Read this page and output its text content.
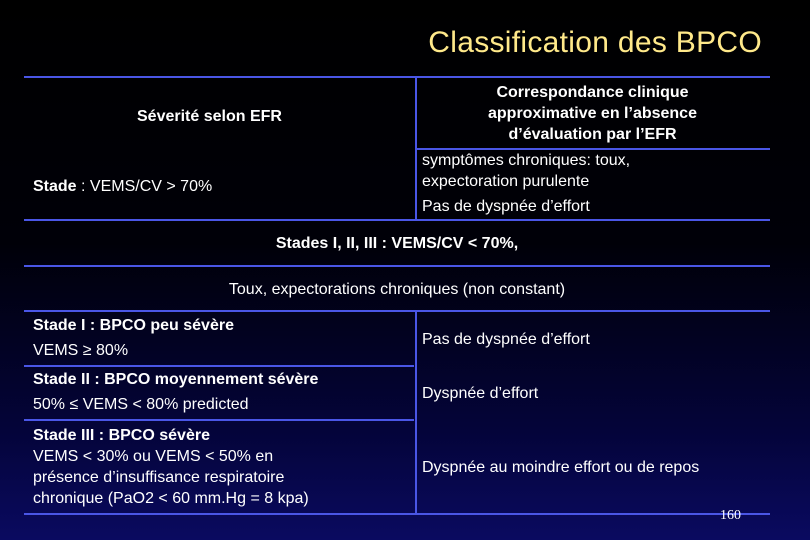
Classification des BPCO
Séverité selon EFR
Correspondance clinique
approximative en l’absence
d’évaluation par l’EFR
Stade : VEMS/CV > 70%
symptômes chroniques: toux,
expectoration purulente
Pas de dyspnée d’effort
Stades I, II, III : VEMS/CV < 70%,
Toux, expectorations chroniques (non constant)
Stade I : BPCO peu sévère
VEMS ≥ 80%
Pas de dyspnée d’effort
Stade II : BPCO moyennement sévère
50% ≤ VEMS < 80% predicted
Dyspnée d’effort
Stade III : BPCO sévère
VEMS < 30% ou VEMS < 50% en
présence d’insuffisance respiratoire
chronique (PaO2 < 60 mm.Hg = 8 kpa)
Dyspnée au moindre effort ou de repos
160
